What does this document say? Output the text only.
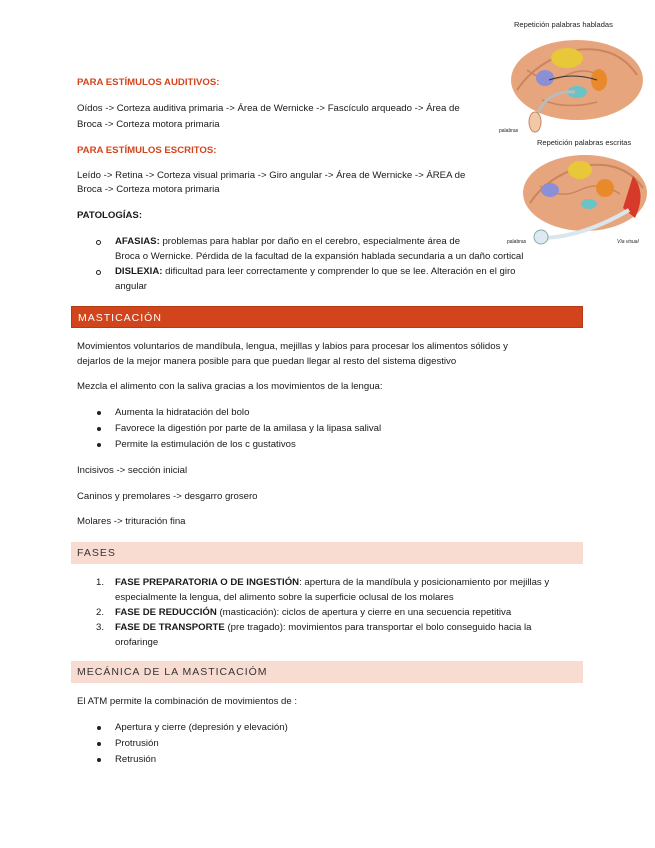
Repetición palabras habladas
palabras
Repetición palabras escritas
palabras	Vía visual
PARA ESTÍMULOS AUDITIVOS:
Oídos -> Corteza auditiva primaria -> Área de Wernicke -> Fascículo arqueado -> Área de
Broca -> Corteza motora primaria
PARA ESTÍMULOS ESCRITOS:
Leído -> Retina -> Corteza visual primaria -> Giro angular -> Área de Wernicke -> ÁREA de
Broca -> Corteza motora primaria
PATOLOGÍAS:
AFASIAS: problemas para hablar por daño en el cerebro, especialmente área de
Broca o Wernicke. Pérdida de la facultad de la expansión hablada secundaria a un daño cortical
DISLEXIA: dificultad para leer correctamente y comprender lo que se lee. Alteración en el giro
angular
MASTICACIÓN
Movimientos voluntarios de mandíbula, lengua, mejillas y labios para procesar los alimentos sólidos y
dejarlos de la mejor manera posible para que puedan llegar al resto del sistema digestivo
Mezcla el alimento con la saliva gracias a los movimientos de la lengua:
Aumenta la hidratación del bolo
Favorece la digestión por parte de la amilasa y la lipasa salival
Permite la estimulación de los c gustativos
Incisivos -> sección inicial
Caninos y premolares -> desgarro grosero
Molares -> trituración fina
FASES
1. FASE PREPARATORIA O DE INGESTIÓN: apertura de la mandíbula y posicionamiento por mejillas y
especialmente la lengua, del alimento sobre la superficie oclusal de los molares
2. FASE DE REDUCCIÓN (masticación): ciclos de apertura y cierre en una secuencia repetitiva
3. FASE DE TRANSPORTE (pre tragado): movimientos para transportar el bolo conseguido hacia la
orofaringe
MECÁNICA DE LA MASTICACIÓM
El ATM permite la combinación de movimientos de :
Apertura y cierre (depresión y elevación)
Protrusión
Retrusión
